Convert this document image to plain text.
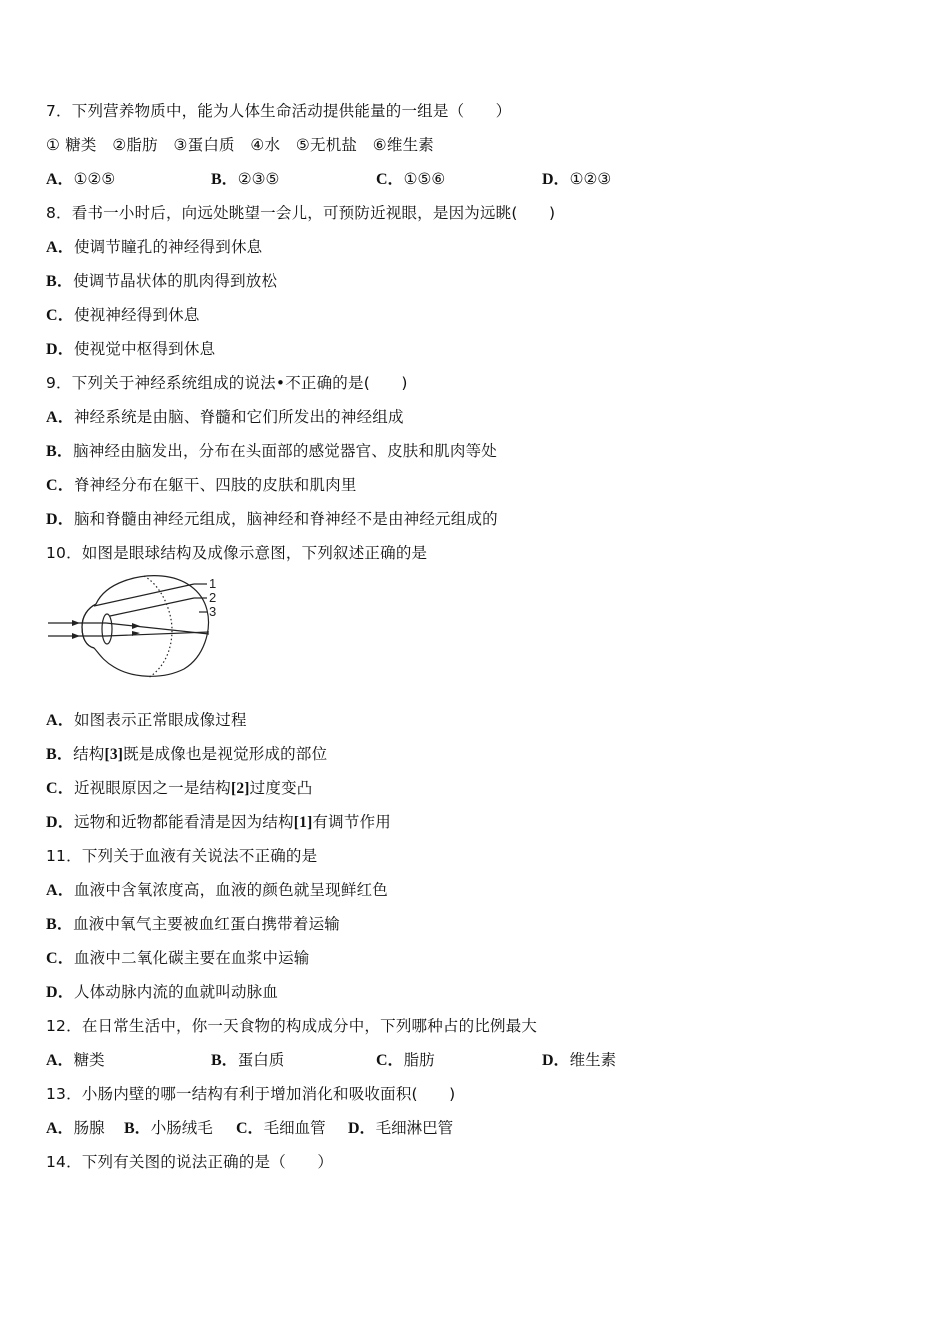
7．下列营养物质中，能为人体生命活动提供能量的一组是（　　）
① 糖类　②脂肪　③蛋白质　④水　⑤无机盐　⑥维生素
A．①②⑤	B．②③⑤	C．①⑤⑥	D．①②③
8．看书一小时后，向远处眺望一会儿，可预防近视眼，是因为远眺(　　)
A．使调节瞳孔的神经得到休息
B．使调节晶状体的肌肉得到放松
C．使视神经得到休息
D．使视觉中枢得到休息
9．下列关于神经系统组成的说法•不正确的是(　　)
A．神经系统是由脑、脊髓和它们所发出的神经组成
B．脑神经由脑发出，分布在头面部的感觉器官、皮肤和肌肉等处
C．脊神经分布在躯干、四肢的皮肤和肌肉里
D．脑和脊髓由神经元组成，脑神经和脊神经不是由神经元组成的
10．如图是眼球结构及成像示意图，下列叙述正确的是
1
2
3
A．如图表示正常眼成像过程
B．结构[3]既是成像也是视觉形成的部位
C．近视眼原因之一是结构[2]过度变凸
D．远物和近物都能看清是因为结构[1]有调节作用
11．下列关于血液有关说法不正确的是
A．血液中含氧浓度高，血液的颜色就呈现鲜红色
B．血液中氧气主要被血红蛋白携带着运输
C．血液中二氧化碳主要在血浆中运输
D．人体动脉内流的血就叫动脉血
12．在日常生活中，你一天食物的构成成分中，下列哪种占的比例最大
A．糖类	B．蛋白质	C．脂肪	D．维生素
13．小肠内壁的哪一结构有利于增加消化和吸收面积(　　)
A．肠腺 B．小肠绒毛 C．毛细血管 D．毛细淋巴管
14．下列有关图的说法正确的是（　　）
